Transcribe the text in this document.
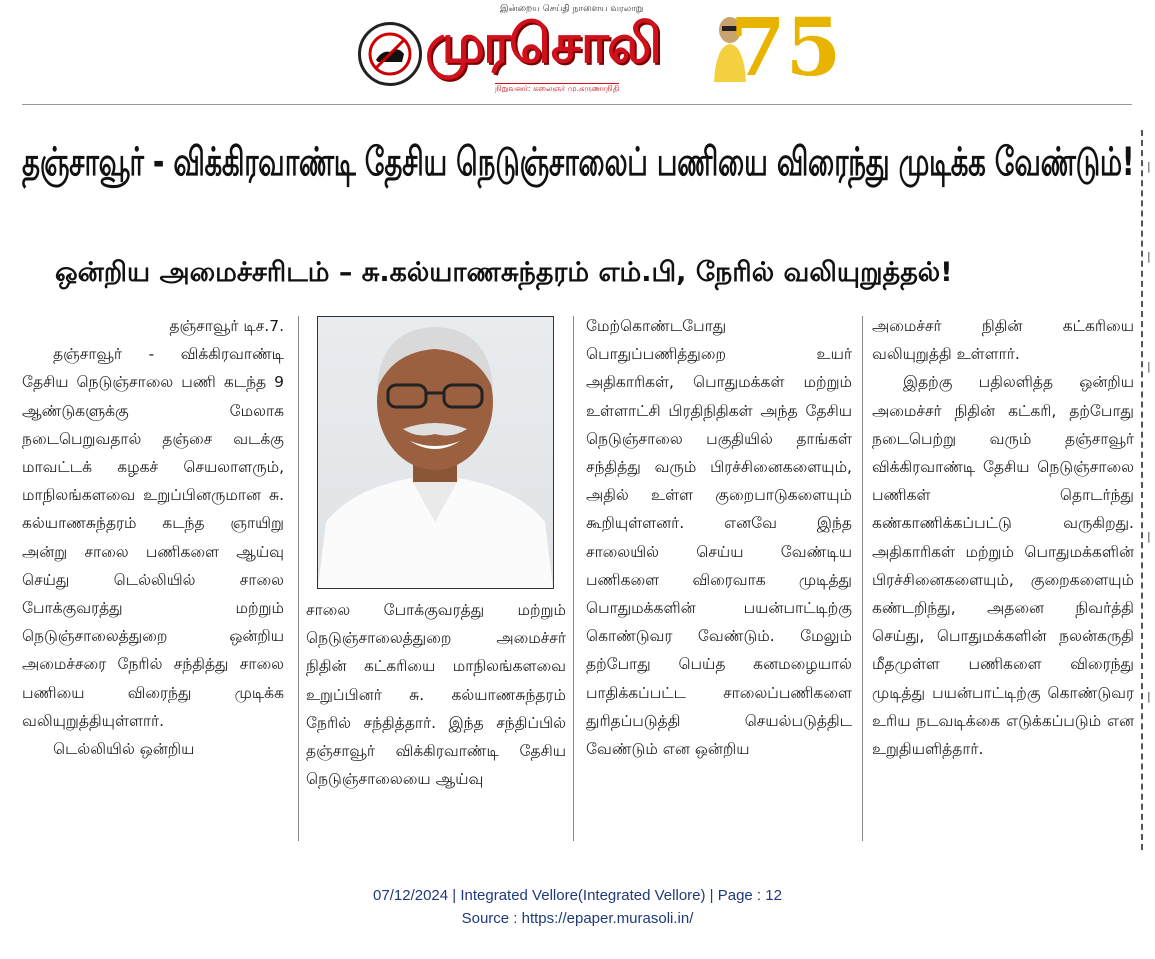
இன்றைய செய்தி நாளைய வரலாறு
முரசொலி
நிறுவனர்: கலைஞர் மு.கருணாநிதி 75
தஞ்சாவூர் - விக்கிரவாண்டி தேசிய நெடுஞ்சாலைப் பணியை விரைந்து முடிக்க வேண்டும்!
ஒன்றிய அமைச்சரிடம் – சு.கல்யாணசுந்தரம் எம்.பி, நேரில் வலியுறுத்தல்!
தஞ்சாவூர் டிச.7.

தஞ்சாவூர் - விக்கிரவாண்டி தேசிய நெடுஞ்சாலை பணி கடந்த 9 ஆண்டுகளுக்கு மேலாக நடைபெறுவதால் தஞ்சை வடக்கு மாவட்டக் கழகச் செயலாளரும், மாநிலங்களவை உறுப்பினருமான சு. கல்யாணசுந்தரம் கடந்த ஞாயிறு அன்று சாலை பணிகளை ஆய்வு செய்து டெல்லியில் சாலை போக்குவரத்து மற்றும் நெடுஞ்சாலைத்துறை ஒன்றிய அமைச்சரை நேரில் சந்தித்து சாலை பணியை விரைந்து முடிக்க வலியுறுத்தியுள்ளார்.

டெல்லியில் ஒன்றிய

சாலை போக்குவரத்து மற்றும் நெடுஞ்சாலைத்துறை அமைச்சர் நிதின் கட்கரியை மாநிலங்களவை உறுப்பினர் சு. கல்யாணசுந்தரம் நேரில் சந்தித்தார். இந்த சந்திப்பில் தஞ்சாவூர் விக்கிரவாண்டி தேசிய நெடுஞ்சாலையை ஆய்வு

மேற்கொண்டபோது பொதுப்பணித்துறை உயர் அதிகாரிகள், பொதுமக்கள் மற்றும் உள்ளாட்சி பிரதிநிதிகள் அந்த தேசிய நெடுஞ்சாலை பகுதியில் தாங்கள் சந்தித்து வரும் பிரச்சினைகளையும், அதில் உள்ள குறைபாடுகளையும் கூறியுள்ளனர். எனவே இந்த சாலையில் செய்ய வேண்டிய பணிகளை விரைவாக முடித்து பொதுமக்களின் பயன்பாட்டிற்கு கொண்டுவர வேண்டும். மேலும் தற்போது பெய்த கனமழையால் பாதிக்கப்பட்ட சாலைப்பணிகளை துரிதப்படுத்தி செயல்படுத்திட வேண்டும் என ஒன்றிய

அமைச்சர் நிதின் கட்கரியை வலியுறுத்தி உள்ளார்.

இதற்கு பதிலளித்த ஒன்றிய அமைச்சர் நிதின் கட்கரி, தற்போது நடைபெற்று வரும் தஞ்சாவூர் விக்கிரவாண்டி தேசிய நெடுஞ்சாலை பணிகள் தொடர்ந்து கண்காணிக்கப்பட்டு வருகிறது. அதிகாரிகள் மற்றும் பொதுமக்களின் பிரச்சினைகளையும், குறைகளையும் கண்டறிந்து, அதனை நிவர்த்தி செய்து, பொதுமக்களின் நலன்கருதி மீதமுள்ள பணிகளை விரைந்து முடித்து பயன்பாட்டிற்கு கொண்டுவர உரிய நடவடிக்கை எடுக்கப்படும் என உறுதியளித்தார்.

|
|
|
|
|
07/12/2024 | Integrated Vellore(Integrated Vellore) | Page : 12
Source : https://epaper.murasoli.in/
